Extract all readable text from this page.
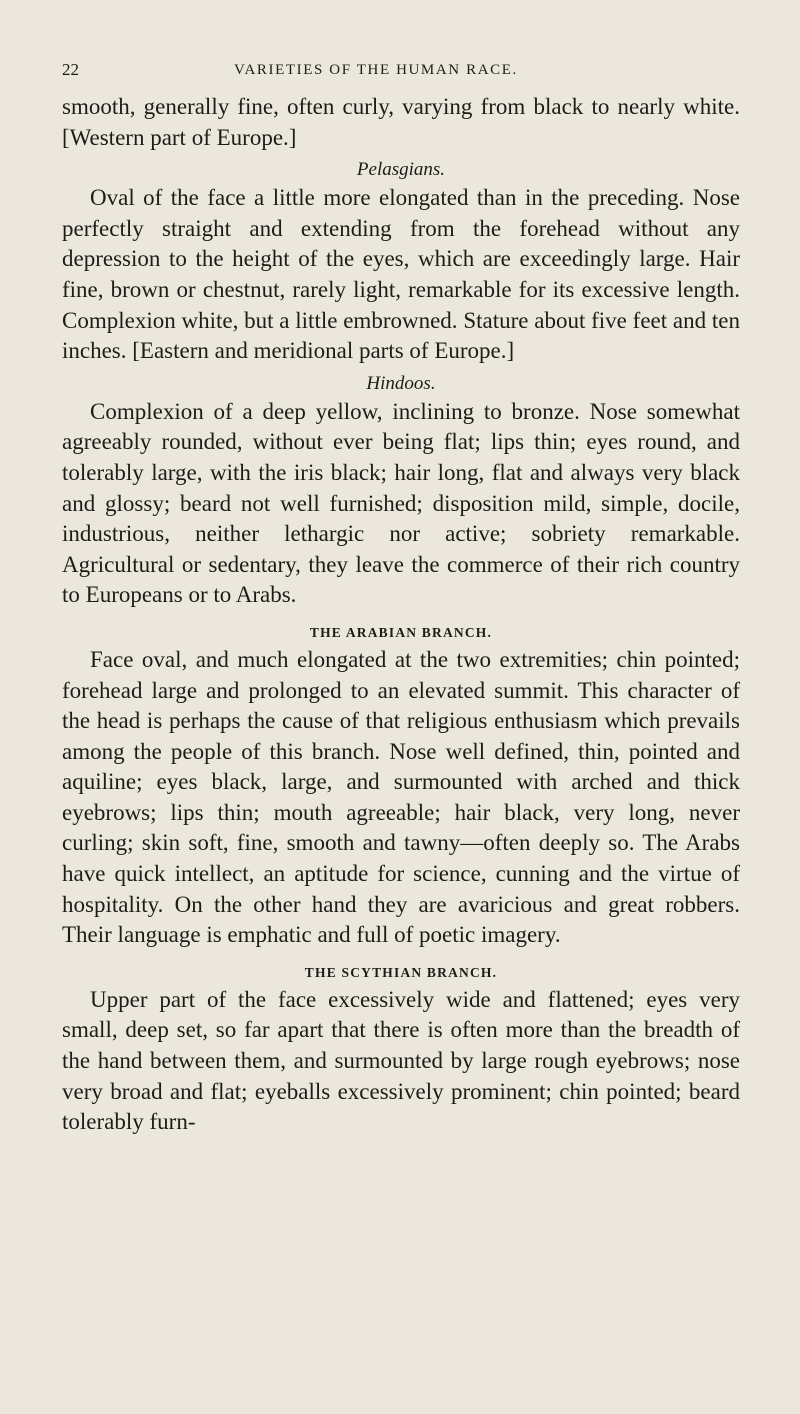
22	VARIETIES OF THE HUMAN RACE.

smooth, generally fine, often curly, varying from black to nearly white. [Western part of Europe.]

Pelasgians.

Oval of the face a little more elongated than in the preceding. Nose perfectly straight and extending from the forehead without any depression to the height of the eyes, which are exceedingly large. Hair fine, brown or chestnut, rarely light, remarkable for its excessive length. Complexion white, but a little embrowned. Stature about five feet and ten inches. [Eastern and meridional parts of Europe.]

Hindoos.

Complexion of a deep yellow, inclining to bronze. Nose somewhat agreeably rounded, without ever being flat; lips thin; eyes round, and tolerably large, with the iris black; hair long, flat and always very black and glossy; beard not well furnished; disposition mild, simple, docile, industrious, neither lethargic nor active; sobriety remarkable. Agricultural or sedentary, they leave the commerce of their rich country to Europeans or to Arabs.

THE ARABIAN BRANCH.

Face oval, and much elongated at the two extremities; chin pointed; forehead large and prolonged to an elevated summit. This character of the head is perhaps the cause of that religious enthusiasm which prevails among the people of this branch. Nose well defined, thin, pointed and aquiline; eyes black, large, and surmounted with arched and thick eyebrows; lips thin; mouth agreeable; hair black, very long, never curling; skin soft, fine, smooth and tawny—often deeply so. The Arabs have quick intellect, an aptitude for science, cunning and the virtue of hospitality. On the other hand they are avaricious and great robbers. Their language is emphatic and full of poetic imagery.

THE SCYTHIAN BRANCH.

Upper part of the face excessively wide and flattened; eyes very small, deep set, so far apart that there is often more than the breadth of the hand between them, and surmounted by large rough eyebrows; nose very broad and flat; eyeballs excessively prominent; chin pointed; beard tolerably furn-
